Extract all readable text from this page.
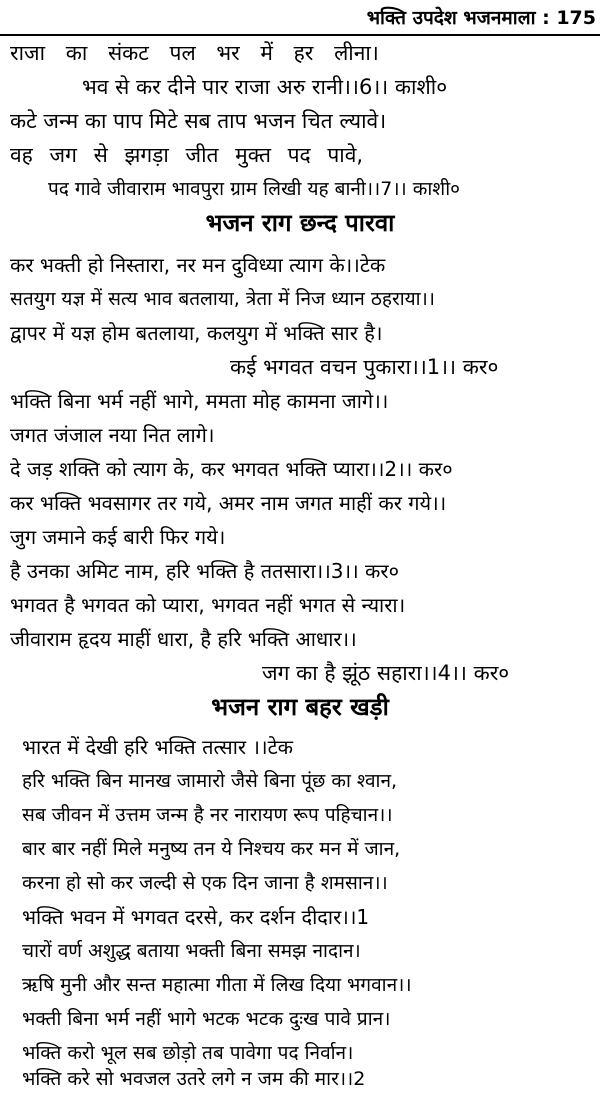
भक्ति उपदेश भजनमाला : 175
राजा का संकट पल भर में हर लीना।
भव से कर दीने पार राजा अरु रानी।।6।। काशी०
कटे जन्म का पाप मिटे सब ताप भजन चित ल्यावे।
वह जग से झगड़ा जीत मुक्त पद पावे,
पद गावे जीवाराम भावपुरा ग्राम लिखी यह बानी।।7।। काशी०
भजन राग छन्द पारवा
कर भक्ती हो निस्तारा, नर मन दुविध्या त्याग के।।टेक
सतयुग यज्ञ में सत्य भाव बतलाया, त्रेता में निज ध्यान ठहराया।।
द्वापर में यज्ञ होम बतलाया, कलयुग में भक्ति सार है।
कई भगवत वचन पुकारा।।1।। कर०
भक्ति बिना भर्म नहीं भागे, ममता मोह कामना जागे।।
जगत जंजाल नया नित लागे।
दे जड़ शक्ति को त्याग के, कर भगवत भक्ति प्यारा।।2।। कर०
कर भक्ति भवसागर तर गये, अमर नाम जगत माहीं कर गये।।
जुग जमाने कई बारी फिर गये।
है उनका अमिट नाम, हरि भक्ति है ततसारा।।3।। कर०
भगवत है भगवत को प्यारा, भगवत नहीं भगत से न्यारा।
जीवाराम हृदय माहीं धारा, है हरि भक्ति आधार।।
जग का है झूंठ सहारा।।4।। कर०
भजन राग बहर खड़ी
भारत में देखी हरि भक्ति तत्सार ।।टेक
हरि भक्ति बिन मानख जामारो जैसे बिना पूंछ का श्वान,
सब जीवन में उत्तम जन्म है नर नारायण रूप पहिचान।।
बार बार नहीं मिले मनुष्य तन ये निश्चय कर मन में जान,
करना हो सो कर जल्दी से एक दिन जाना है शमसान।।
भक्ति भवन में भगवत दरसे, कर दर्शन दीदार।।1
चारों वर्ण अशुद्ध बताया भक्ती बिना समझ नादान।
ऋषि मुनी और सन्त महात्मा गीता में लिख दिया भगवान।।
भक्ती बिना भर्म नहीं भागे भटक भटक दुःख पावे प्रान।
भक्ति करो भूल सब छोड़ो तब पावेगा पद निर्वान।
भक्ति करे सो भवजल उतरे लगे न जम की मार।।2
